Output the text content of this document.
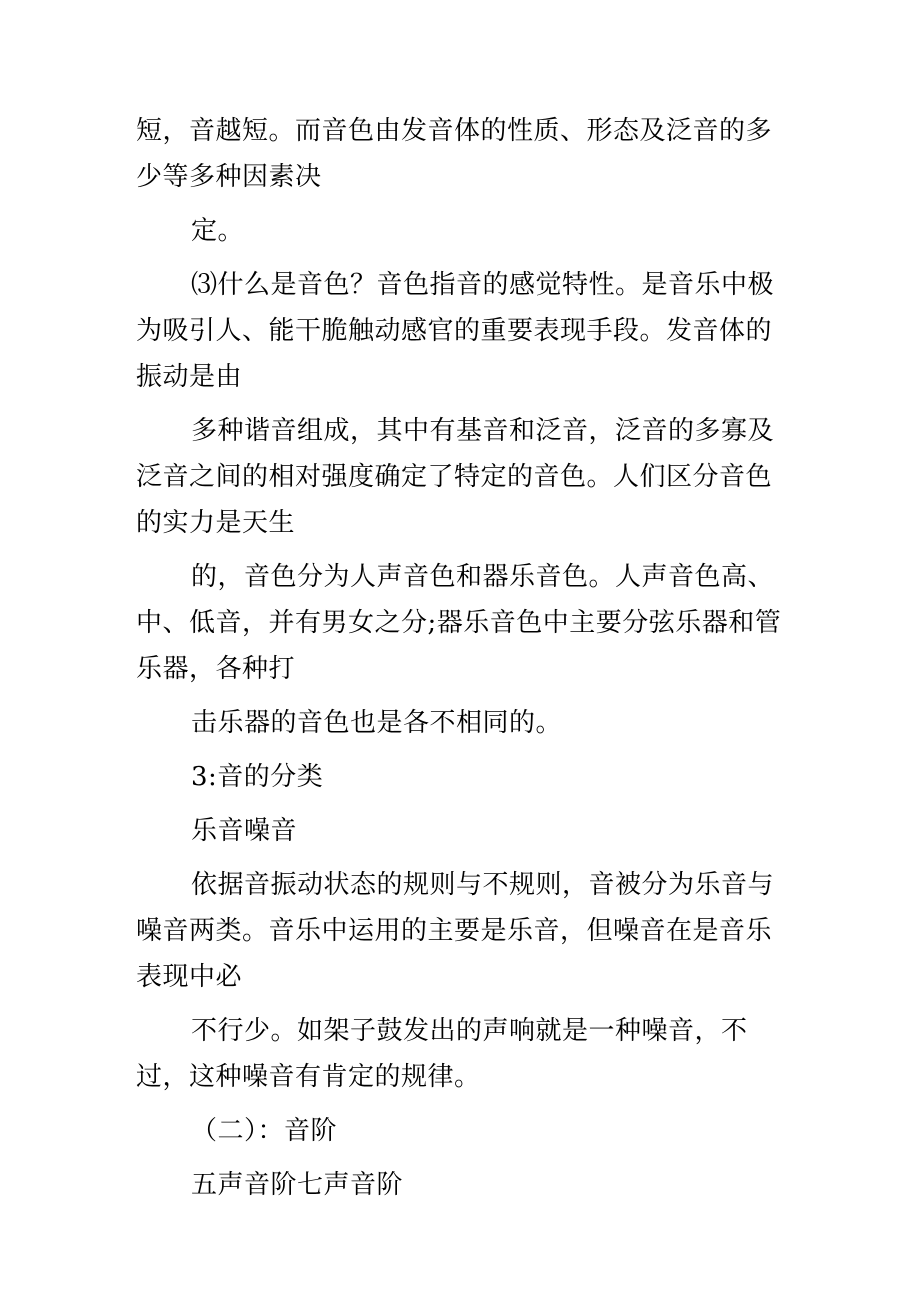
短，音越短。而音色由发音体的性质、形态及泛音的多少等多种因素决

定。

⑶什么是音色？音色指音的感觉特性。是音乐中极为吸引人、能干脆触动感官的重要表现手段。发音体的振动是由

多种谐音组成，其中有基音和泛音，泛音的多寡及泛音之间的相对强度确定了特定的音色。人们区分音色的实力是天生

的，音色分为人声音色和器乐音色。人声音色高、中、低音，并有男女之分;器乐音色中主要分弦乐器和管乐器，各种打

击乐器的音色也是各不相同的。

3:音的分类

乐音噪音

依据音振动状态的规则与不规则，音被分为乐音与噪音两类。音乐中运用的主要是乐音，但噪音在是音乐表现中必

不行少。如架子鼓发出的声响就是一种噪音，不过，这种噪音有肯定的规律。

（二）：音阶

五声音阶七声音阶
